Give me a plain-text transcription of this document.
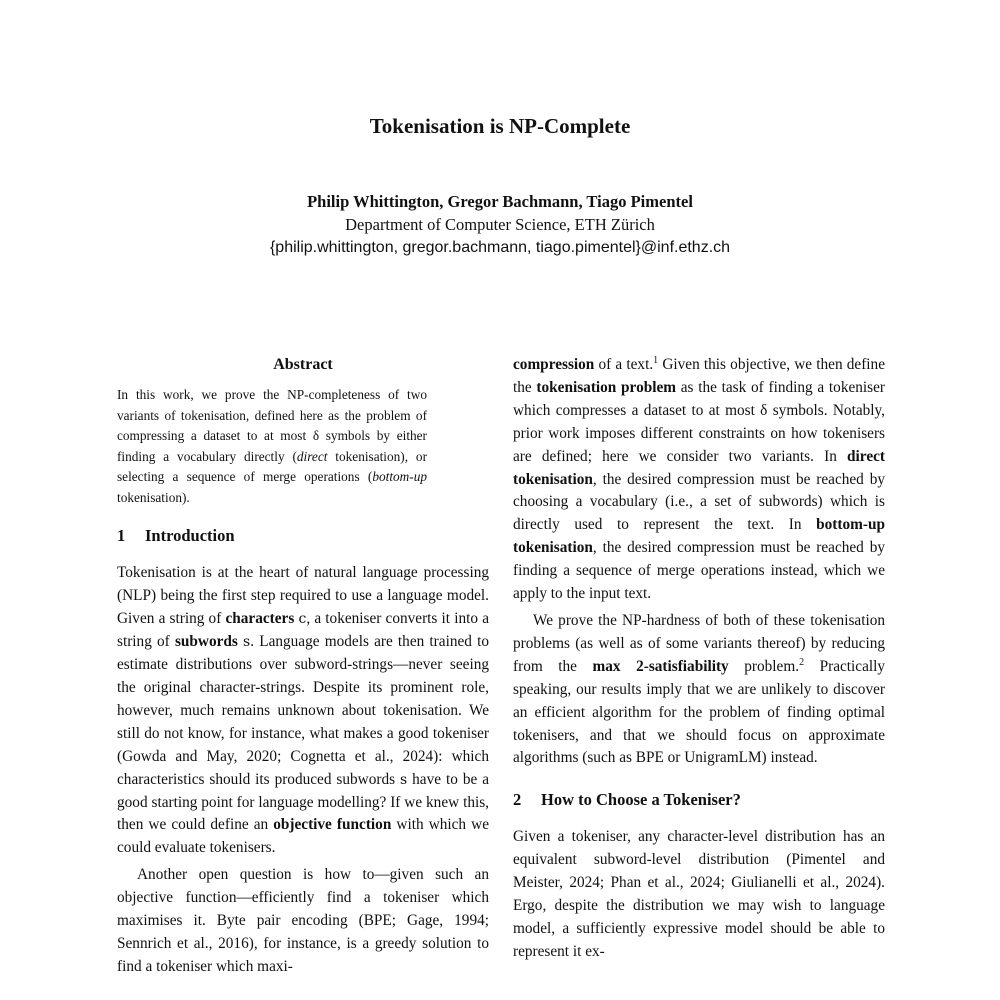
Tokenisation is NP-Complete
Philip Whittington, Gregor Bachmann, Tiago Pimentel
Department of Computer Science, ETH Zürich
{philip.whittington, gregor.bachmann, tiago.pimentel}@inf.ethz.ch
Abstract

In this work, we prove the NP-completeness of two variants of tokenisation, defined here as the problem of compressing a dataset to at most δ symbols by either finding a vocabulary directly (direct tokenisation), or selecting a sequence of merge operations (bottom-up tokenisation).

1 Introduction

Tokenisation is at the heart of natural language processing (NLP) being the first step required to use a language model. Given a string of characters c, a tokeniser converts it into a string of subwords s. Language models are then trained to estimate distributions over subword-strings—never seeing the original character-strings. Despite its prominent role, however, much remains unknown about tokenisation. We still do not know, for instance, what makes a good tokeniser (Gowda and May, 2020; Cognetta et al., 2024): which characteristics should its produced subwords s have to be a good starting point for language modelling? If we knew this, then we could define an objective function with which we could evaluate tokenisers.

Another open question is how to—given such an objective function—efficiently find a tokeniser which maximises it. Byte pair encoding (BPE; Gage, 1994; Sennrich et al., 2016), for instance, is a greedy solution to find a tokeniser which maxi-

compression of a text.$^1$ Given this objective, we then define the tokenisation problem as the task of finding a tokeniser which compresses a dataset to at most δ symbols. Notably, prior work imposes different constraints on how tokenisers are defined; here we consider two variants. In direct tokenisation, the desired compression must be reached by choosing a vocabulary (i.e., a set of subwords) which is directly used to represent the text. In bottom-up tokenisation, the desired compression must be reached by finding a sequence of merge operations instead, which we apply to the input text.

We prove the NP-hardness of both of these tokenisation problems (as well as of some variants thereof) by reducing from the max 2-satisfiability problem.$^2$ Practically speaking, our results imply that we are unlikely to discover an efficient algorithm for the problem of finding optimal tokenisers, and that we should focus on approximate algorithms (such as BPE or UnigramLM) instead.

2 How to Choose a Tokeniser?

Given a tokeniser, any character-level distribution has an equivalent subword-level distribution (Pimentel and Meister, 2024; Phan et al., 2024; Giulianelli et al., 2024). Ergo, despite the distribution we may wish to language model, a sufficiently expressive model should be able to represent it ex-
